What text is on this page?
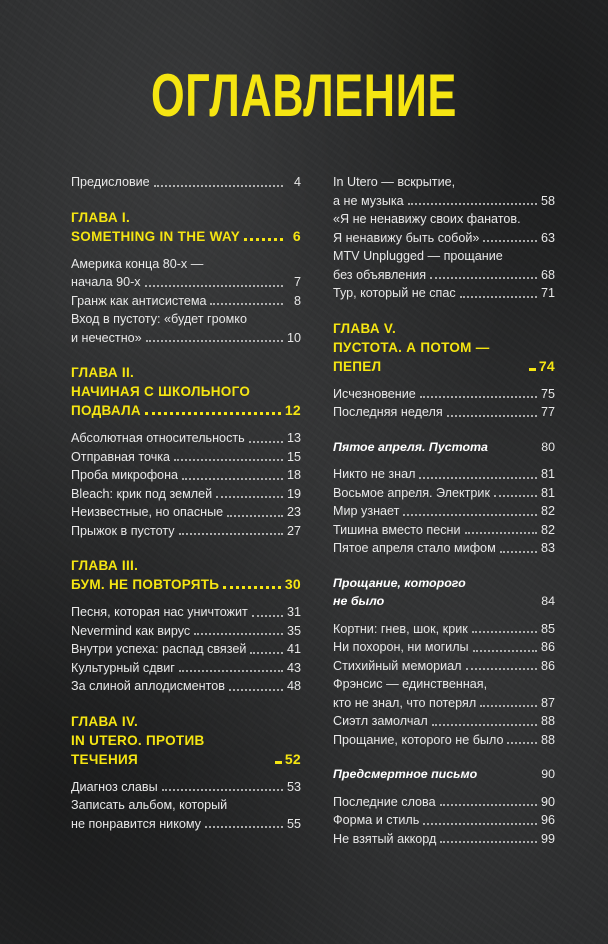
ОГЛАВЛЕНИЕ
Предисловие	4
ГЛАВА I.
SOMETHING IN THE WAY	6
Америка конца 80-х —
начала 90-х	7
Гранж как антисистема	8
Вход в пустоту: «будет громко
и нечестно»	10
ГЛАВА II.
НАЧИНАЯ С ШКОЛЬНОГО
ПОДВАЛА	12
Абсолютная относительность	13
Отправная точка	15
Проба микрофона	18
Bleach: крик под землей	19
Неизвестные, но опасные	23
Прыжок в пустоту	27
ГЛАВА III.
БУМ. НЕ ПОВТОРЯТЬ	30
Песня, которая нас уничтожит	31
Nevermind как вирус	35
Внутри успеха: распад связей	41
Культурный сдвиг	43
За слиной аплодисментов	48
ГЛАВА IV.
IN UTERO. ПРОТИВ ТЕЧЕНИЯ	52
Диагноз славы	53
Записать альбом, который
не понравится никому	55
In Utero — вскрытие,
а не музыка	58
«Я не ненавижу своих фанатов.
Я ненавижу быть собой»	63
MTV Unplugged — прощание
без объявления	68
Тур, который не спас	71
ГЛАВА V.
ПУСТОТА. А ПОТОМ — ПЕПЕЛ	74
Исчезновение	75
Последняя неделя	77
Пятое апреля. Пустота	80
Никто не знал	81
Восьмое апреля. Электрик	81
Мир узнает	82
Тишина вместо песни	82
Пятое апреля стало мифом	83
Прощание, которого
не было	84
Кортни: гнев, шок, крик	85
Ни похорон, ни могилы	86
Стихийный мемориал	86
Фрэнсис — единственная,
кто не знал, что потерял	87
Сиэтл замолчал	88
Прощание, которого не было	88
Предсмертное письмо	90
Последние слова	90
Форма и стиль	96
Не взятый аккорд	99
